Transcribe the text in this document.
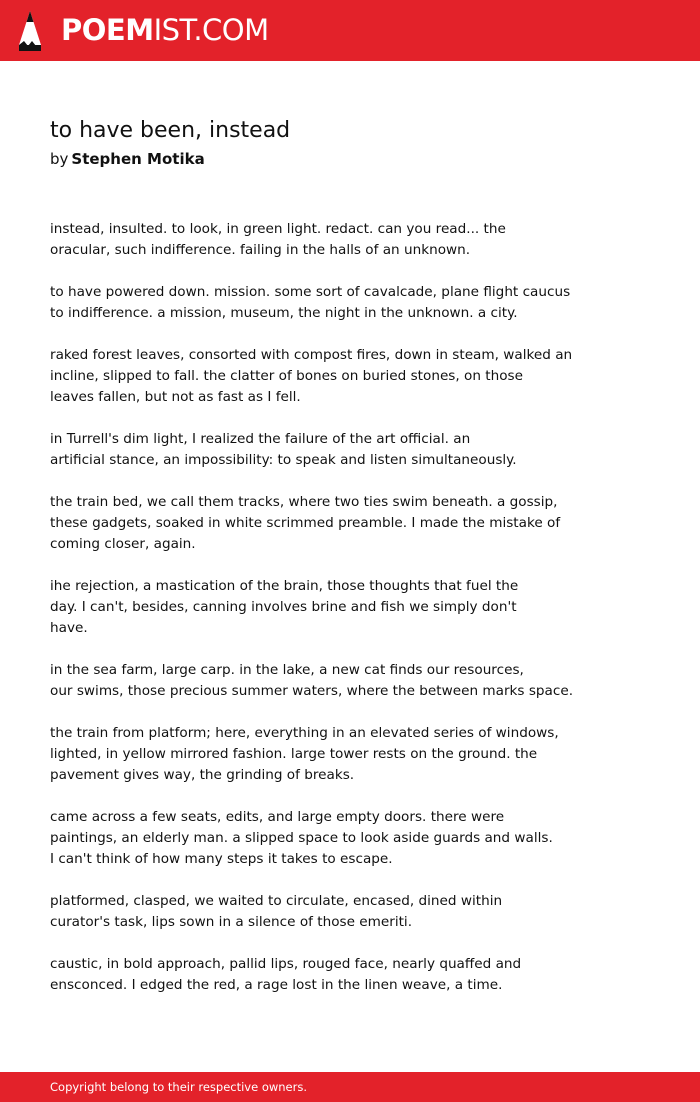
POEMIST.COM
to have been, instead
by Stephen Motika
instead, insulted. to look, in green light. redact. can you read... the
oracular, such indifference. failing in the halls of an unknown.
to have powered down. mission. some sort of cavalcade, plane flight caucus
to indifference. a mission, museum, the night in the unknown. a city.
raked forest leaves, consorted with compost fires, down in steam, walked an
incline, slipped to fall. the clatter of bones on buried stones, on those
leaves fallen, but not as fast as I fell.
in Turrell's dim light, I realized the failure of the art official. an
artificial stance, an impossibility: to speak and listen simultaneously.
the train bed, we call them tracks, where two ties swim beneath. a gossip,
these gadgets, soaked in white scrimmed preamble. I made the mistake of
coming closer, again.
ihe rejection, a mastication of the brain, those thoughts that fuel the
day. I can't, besides, canning involves brine and fish we simply don't
have.
in the sea farm, large carp. in the lake, a new cat finds our resources,
our swims, those precious summer waters, where the between marks space.
the train from platform; here, everything in an elevated series of windows,
lighted, in yellow mirrored fashion. large tower rests on the ground. the
pavement gives way, the grinding of breaks.
came across a few seats, edits, and large empty doors. there were
paintings, an elderly man. a slipped space to look aside guards and walls.
I can't think of how many steps it takes to escape.
platformed, clasped, we waited to circulate, encased, dined within
curator's task, lips sown in a silence of those emeriti.
caustic, in bold approach, pallid lips, rouged face, nearly quaffed and
ensconced. I edged the red, a rage lost in the linen weave, a time.
Copyright belong to their respective owners.
